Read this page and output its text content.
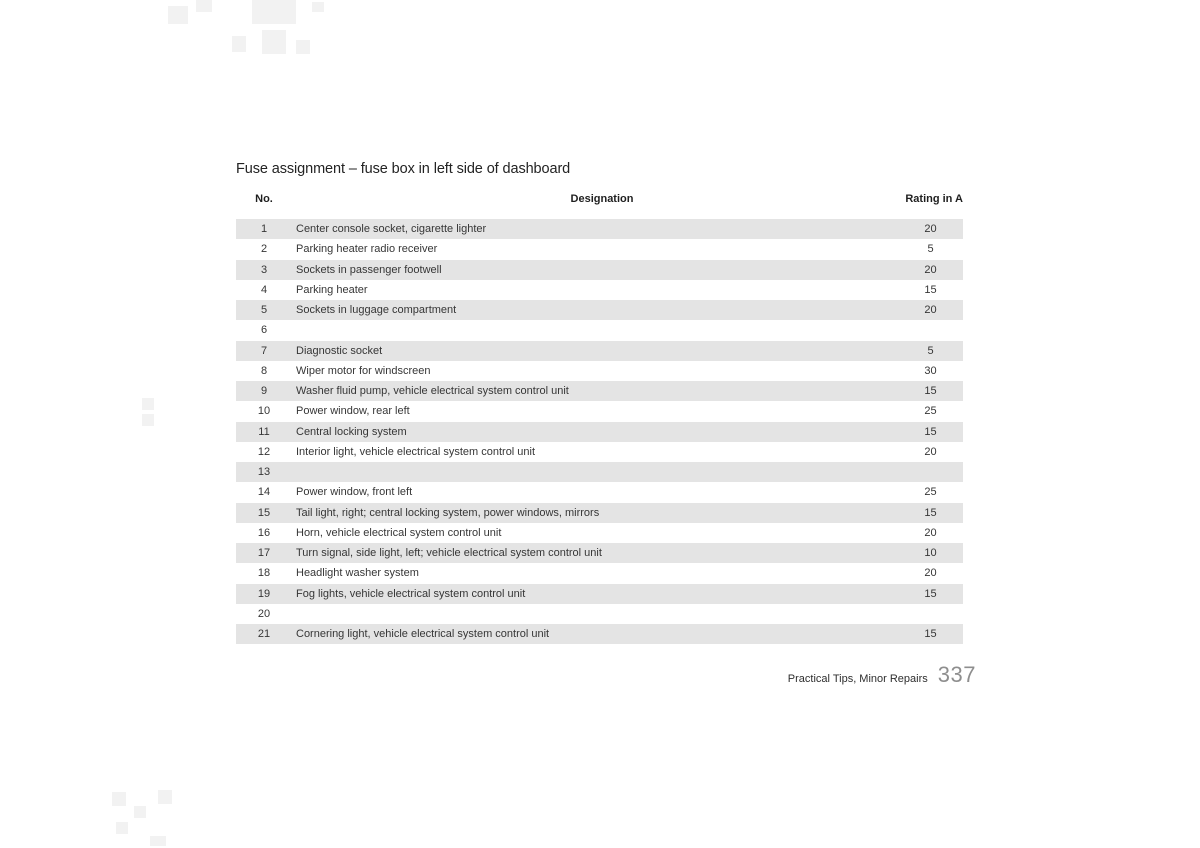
Fuse assignment – fuse box in left side of dashboard
No.	Designation	Rating in A
1	Center console socket, cigarette lighter	20
2	Parking heater radio receiver	5
3	Sockets in passenger footwell	20
4	Parking heater	15
5	Sockets in luggage compartment	20
6
7	Diagnostic socket	5
8	Wiper motor for windscreen	30
9	Washer fluid pump, vehicle electrical system control unit	15
10	Power window, rear left	25
11	Central locking system	15
12	Interior light, vehicle electrical system control unit	20
13
14	Power window, front left	25
15	Tail light, right; central locking system, power windows, mirrors	15
16	Horn, vehicle electrical system control unit	20
17	Turn signal, side light, left; vehicle electrical system control unit	10
18	Headlight washer system	20
19	Fog lights, vehicle electrical system control unit	15
20
21	Cornering light, vehicle electrical system control unit	15
Practical Tips, Minor Repairs 337
